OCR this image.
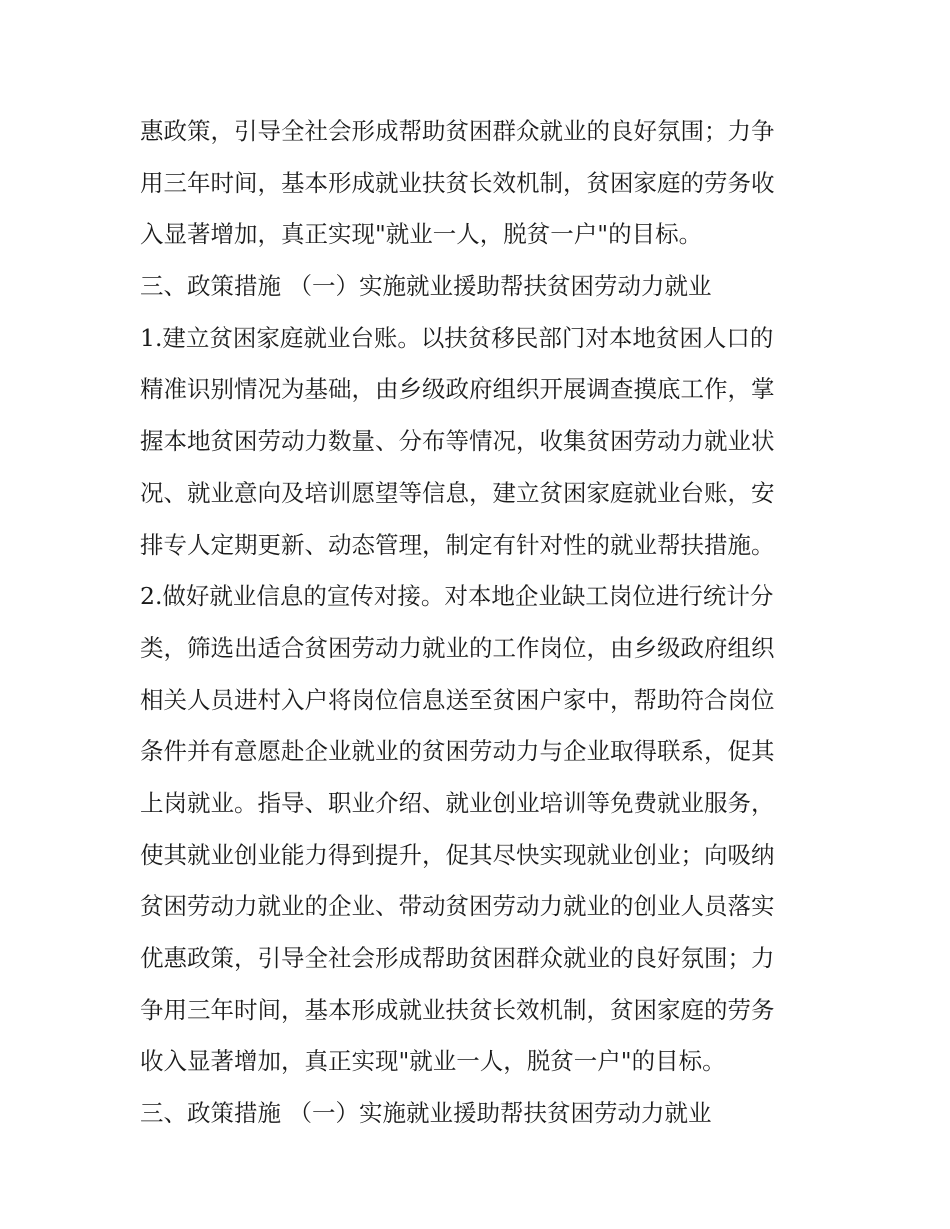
惠政策，引导全社会形成帮助贫困群众就业的良好氛围；力争
用三年时间，基本形成就业扶贫长效机制，贫困家庭的劳务收
入显著增加，真正实现"就业一人，脱贫一户"的目标。
三、政策措施 （一）实施就业援助帮扶贫困劳动力就业
1.建立贫困家庭就业台账。以扶贫移民部门对本地贫困人口的
精准识别情况为基础，由乡级政府组织开展调查摸底工作，掌
握本地贫困劳动力数量、分布等情况，收集贫困劳动力就业状
况、就业意向及培训愿望等信息，建立贫困家庭就业台账，安
排专人定期更新、动态管理，制定有针对性的就业帮扶措施。
2.做好就业信息的宣传对接。对本地企业缺工岗位进行统计分
类，筛选出适合贫困劳动力就业的工作岗位，由乡级政府组织
相关人员进村入户将岗位信息送至贫困户家中，帮助符合岗位
条件并有意愿赴企业就业的贫困劳动力与企业取得联系，促其
上岗就业。指导、职业介绍、就业创业培训等免费就业服务，
使其就业创业能力得到提升，促其尽快实现就业创业；向吸纳
贫困劳动力就业的企业、带动贫困劳动力就业的创业人员落实
优惠政策，引导全社会形成帮助贫困群众就业的良好氛围；力
争用三年时间，基本形成就业扶贫长效机制，贫困家庭的劳务
收入显著增加，真正实现"就业一人，脱贫一户"的目标。
三、政策措施 （一）实施就业援助帮扶贫困劳动力就业
